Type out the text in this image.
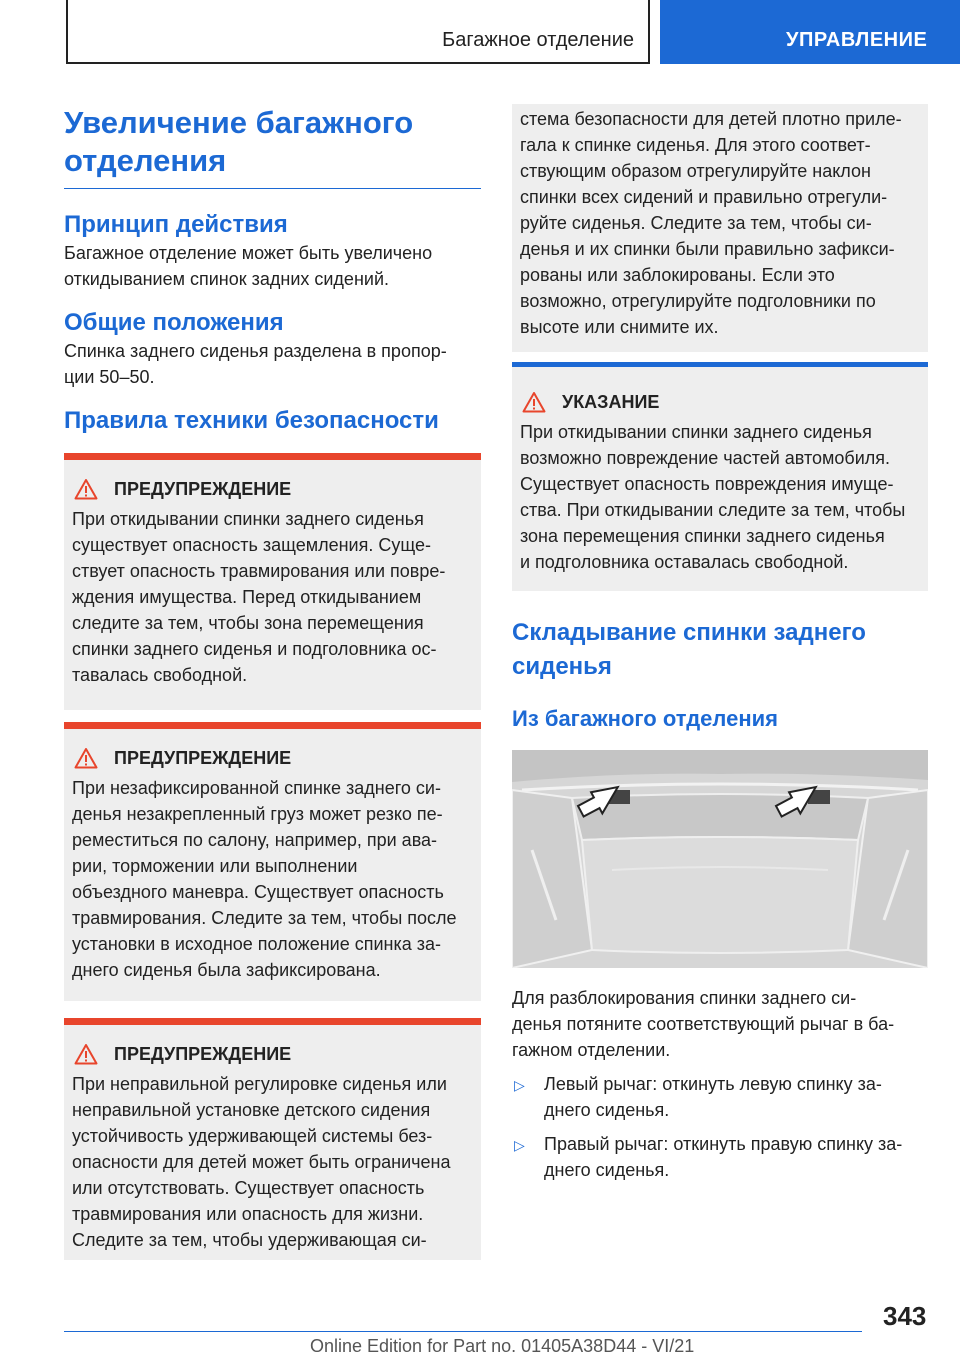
Багажное отделение	УПРАВЛЕНИЕ
Увеличение багажного
отделения
Принцип действия

Багажное отделение может быть увеличено
откидыванием спинок задних сидений.

Общие положения

Спинка заднего сиденья разделена в пропор-
ции 50–50.

Правила техники безопасности
ПРЕДУПРЕЖДЕНИЕ

При откидывании спинки заднего сиденья
существует опасность защемления. Суще-
ствует опасность травмирования или повре-
ждения имущества. Перед откидыванием
следите за тем, чтобы зона перемещения
спинки заднего сиденья и подголовника ос-
тавалась свободной.

ПРЕДУПРЕЖДЕНИЕ

При незафиксированной спинке заднего си-
денья незакрепленный груз может резко пе-
реместиться по салону, например, при ава-
рии, торможении или выполнении
объездного маневра. Существует опасность
травмирования. Следите за тем, чтобы после
установки в исходное положение спинка за-
днего сиденья была зафиксирована.

ПРЕДУПРЕЖДЕНИЕ

При неправильной регулировке сиденья или
неправильной установке детского сидения
устойчивость удерживающей системы без-
опасности для детей может быть ограничена
или отсутствовать. Существует опасность
травмирования или опасность для жизни.
Следите за тем, чтобы удерживающая си-

стема безопасности для детей плотно приле-
гала к спинке сиденья. Для этого соответ-
ствующим образом отрегулируйте наклон
спинки всех сидений и правильно отрегули-
руйте сиденья. Следите за тем, чтобы си-
денья и их спинки были правильно зафикси-
рованы или заблокированы. Если это
возможно, отрегулируйте подголовники по
высоте или снимите их.

УКАЗАНИЕ

При откидывании спинки заднего сиденья
возможно повреждение частей автомобиля.
Существует опасность повреждения имуще-
ства. При откидывании следите за тем, чтобы
зона перемещения спинки заднего сиденья
и подголовника оставалась свободной.

Складывание спинки заднего
сиденья
Из багажного отделения

Для разблокирования спинки заднего си-
денья потяните соответствующий рычаг в ба-
гажном отделении.

▷	Левый рычаг: откинуть левую спинку за-
днего сиденья.
▷	Правый рычаг: откинуть правую спинку за-
днего сиденья.
343
Online Edition for Part no. 01405A38D44 - VI/21
